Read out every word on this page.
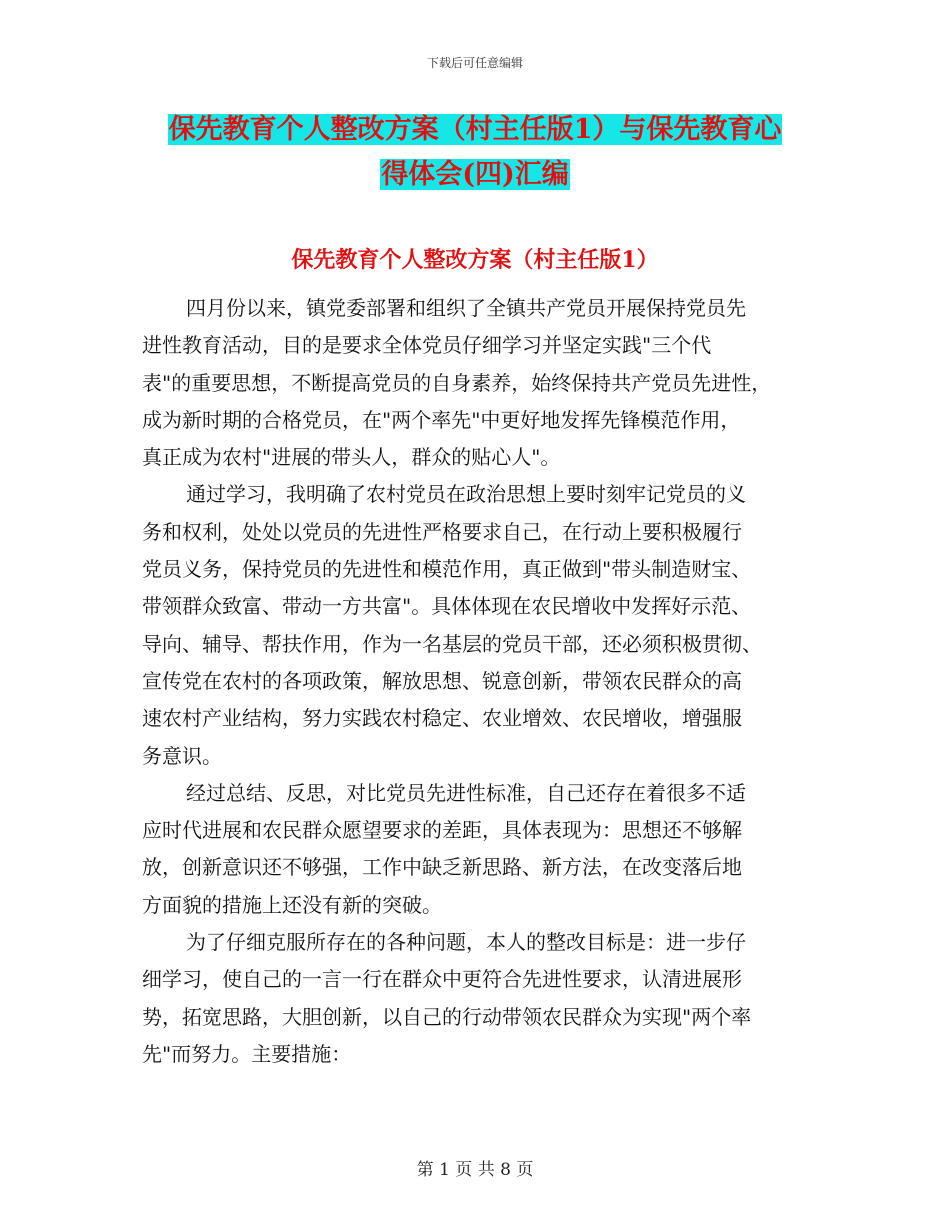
下载后可任意编辑
保先教育个人整改方案（村主任版1）与保先教育心
得体会(四)汇编
保先教育个人整改方案（村主任版1）
四月份以来，镇党委部署和组织了全镇共产党员开展保持党员先
进性教育活动，目的是要求全体党员仔细学习并坚定实践"三个代
表"的重要思想，不断提高党员的自身素养，始终保持共产党员先进性，
成为新时期的合格党员，在"两个率先"中更好地发挥先锋模范作用，
真正成为农村"进展的带头人，群众的贴心人"。
通过学习，我明确了农村党员在政治思想上要时刻牢记党员的义
务和权利，处处以党员的先进性严格要求自己，在行动上要积极履行
党员义务，保持党员的先进性和模范作用，真正做到"带头制造财宝、
带领群众致富、带动一方共富"。具体体现在农民增收中发挥好示范、
导向、辅导、帮扶作用，作为一名基层的党员干部，还必须积极贯彻、
宣传党在农村的各项政策，解放思想、锐意创新，带领农民群众的高
速农村产业结构，努力实践农村稳定、农业增效、农民增收，增强服
务意识。
经过总结、反思，对比党员先进性标准，自己还存在着很多不适
应时代进展和农民群众愿望要求的差距，具体表现为：思想还不够解
放，创新意识还不够强，工作中缺乏新思路、新方法，在改变落后地
方面貌的措施上还没有新的突破。
为了仔细克服所存在的各种问题，本人的整改目标是：进一步仔
细学习，使自己的一言一行在群众中更符合先进性要求，认清进展形
势，拓宽思路，大胆创新，以自己的行动带领农民群众为实现"两个率
先"而努力。主要措施：
第 1 页 共 8 页
